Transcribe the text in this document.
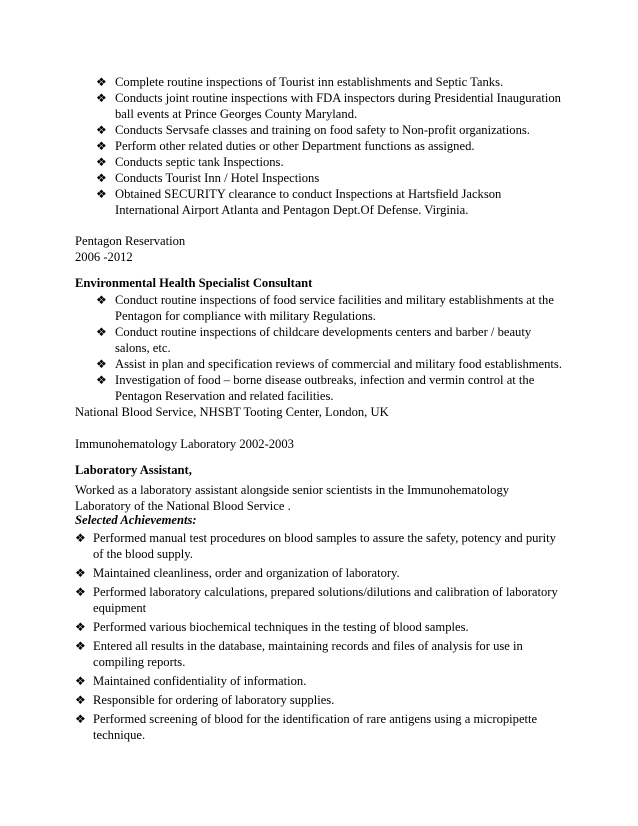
❖ Complete routine inspections of Tourist inn establishments and Septic Tanks.
❖ Conducts joint routine inspections with FDA inspectors during Presidential Inauguration ball events at Prince Georges County Maryland.
❖ Conducts Servsafe classes and training on food safety to Non-profit organizations.
❖ Perform other related duties or other Department functions as assigned.
❖ Conducts septic tank Inspections.
❖ Conducts Tourist Inn / Hotel Inspections
❖ Obtained SECURITY clearance to conduct Inspections at Hartsfield Jackson International Airport Atlanta and Pentagon Dept.Of Defense. Virginia.
Pentagon Reservation
2006 -2012
Environmental Health Specialist Consultant
❖ Conduct routine inspections of food service facilities and military establishments at the Pentagon for compliance with military Regulations.
❖ Conduct routine inspections of childcare developments centers and barber / beauty salons, etc.
❖ Assist in plan and specification reviews of commercial and military food establishments.
❖ Investigation of food – borne disease outbreaks, infection and vermin control at the Pentagon Reservation and related facilities.
National Blood Service, NHSBT Tooting Center, London, UK
Immunohematology Laboratory 2002-2003
Laboratory Assistant,
Worked as a laboratory assistant alongside senior scientists in the Immunohematology
Laboratory of the National Blood Service .
Selected Achievements:
❖ Performed manual test procedures on blood samples to assure the safety, potency and purity of the blood supply.
❖ Maintained cleanliness, order and organization of laboratory.
❖ Performed laboratory calculations, prepared solutions/dilutions and calibration of laboratory equipment
❖ Performed various biochemical techniques in the testing of blood samples.
❖ Entered all results in the database, maintaining records and files of analysis for use in compiling reports.
❖ Maintained confidentiality of information.
❖ Responsible for ordering of laboratory supplies.
❖ Performed screening of blood for the identification of rare antigens using a micropipette technique.
